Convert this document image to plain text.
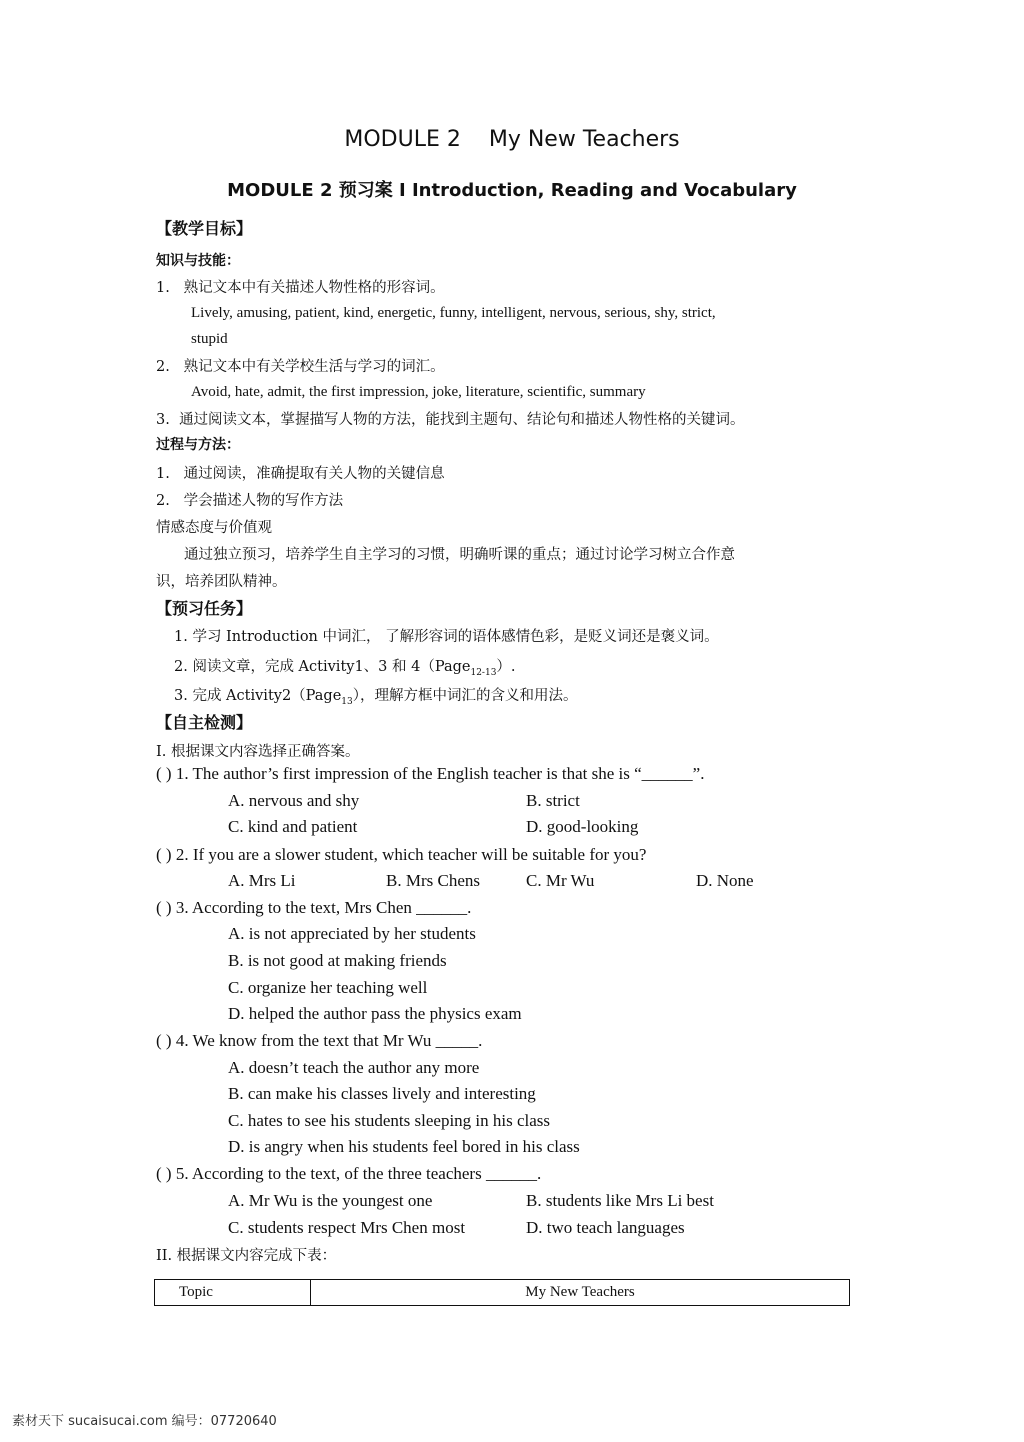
MODULE 2 My New Teachers
MODULE 2 预习案 I Introduction, Reading and Vocabulary
【教学目标】
知识与技能：
1. 熟记文本中有关描述人物性格的形容词。
Lively, amusing, patient, kind, energetic, funny, intelligent, nervous, serious, shy, strict,
stupid
2. 熟记文本中有关学校生活与学习的词汇。
Avoid, hate, admit, the first impression, joke, literature, scientific, summary
3. 通过阅读文本，掌握描写人物的方法，能找到主题句、结论句和描述人物性格的关键词。
过程与方法：
1. 通过阅读，准确提取有关人物的关键信息
2. 学会描述人物的写作方法
情感态度与价值观
通过独立预习，培养学生自主学习的习惯，明确听课的重点；通过讨论学习树立合作意
识，培养团队精神。
【预习任务】
1. 学习 Introduction 中词汇， 了解形容词的语体感情色彩，是贬义词还是褒义词。
2. 阅读文章，完成 Activity1、3 和 4（Page$_{12-13}$）.
3. 完成 Activity2（Page$_{13}$），理解方框中词汇的含义和用法。
【自主检测】
I. 根据课文内容选择正确答案。
( ) 1. The author’s first impression of the English teacher is that she is “______”.
A. nervous and shy	B. strict
C. kind and patient	D. good-looking
( ) 2. If you are a slower student, which teacher will be suitable for you?
A. Mrs Li	B. Mrs Chens	C. Mr Wu	D. None
( ) 3. According to the text, Mrs Chen ______.
A. is not appreciated by her students
B. is not good at making friends
C. organize her teaching well
D. helped the author pass the physics exam
( ) 4. We know from the text that Mr Wu _____.
A. doesn’t teach the author any more
B. can make his classes lively and interesting
C. hates to see his students sleeping in his class
D. is angry when his students feel bored in his class
( ) 5. According to the text, of the three teachers ______.
A. Mr Wu is the youngest one	B. students like Mrs Li best
C. students respect Mrs Chen most	D. two teach languages
II. 根据课文内容完成下表：
Topic	My New Teachers
素材天下 sucaisucai.com 编号：07720640
